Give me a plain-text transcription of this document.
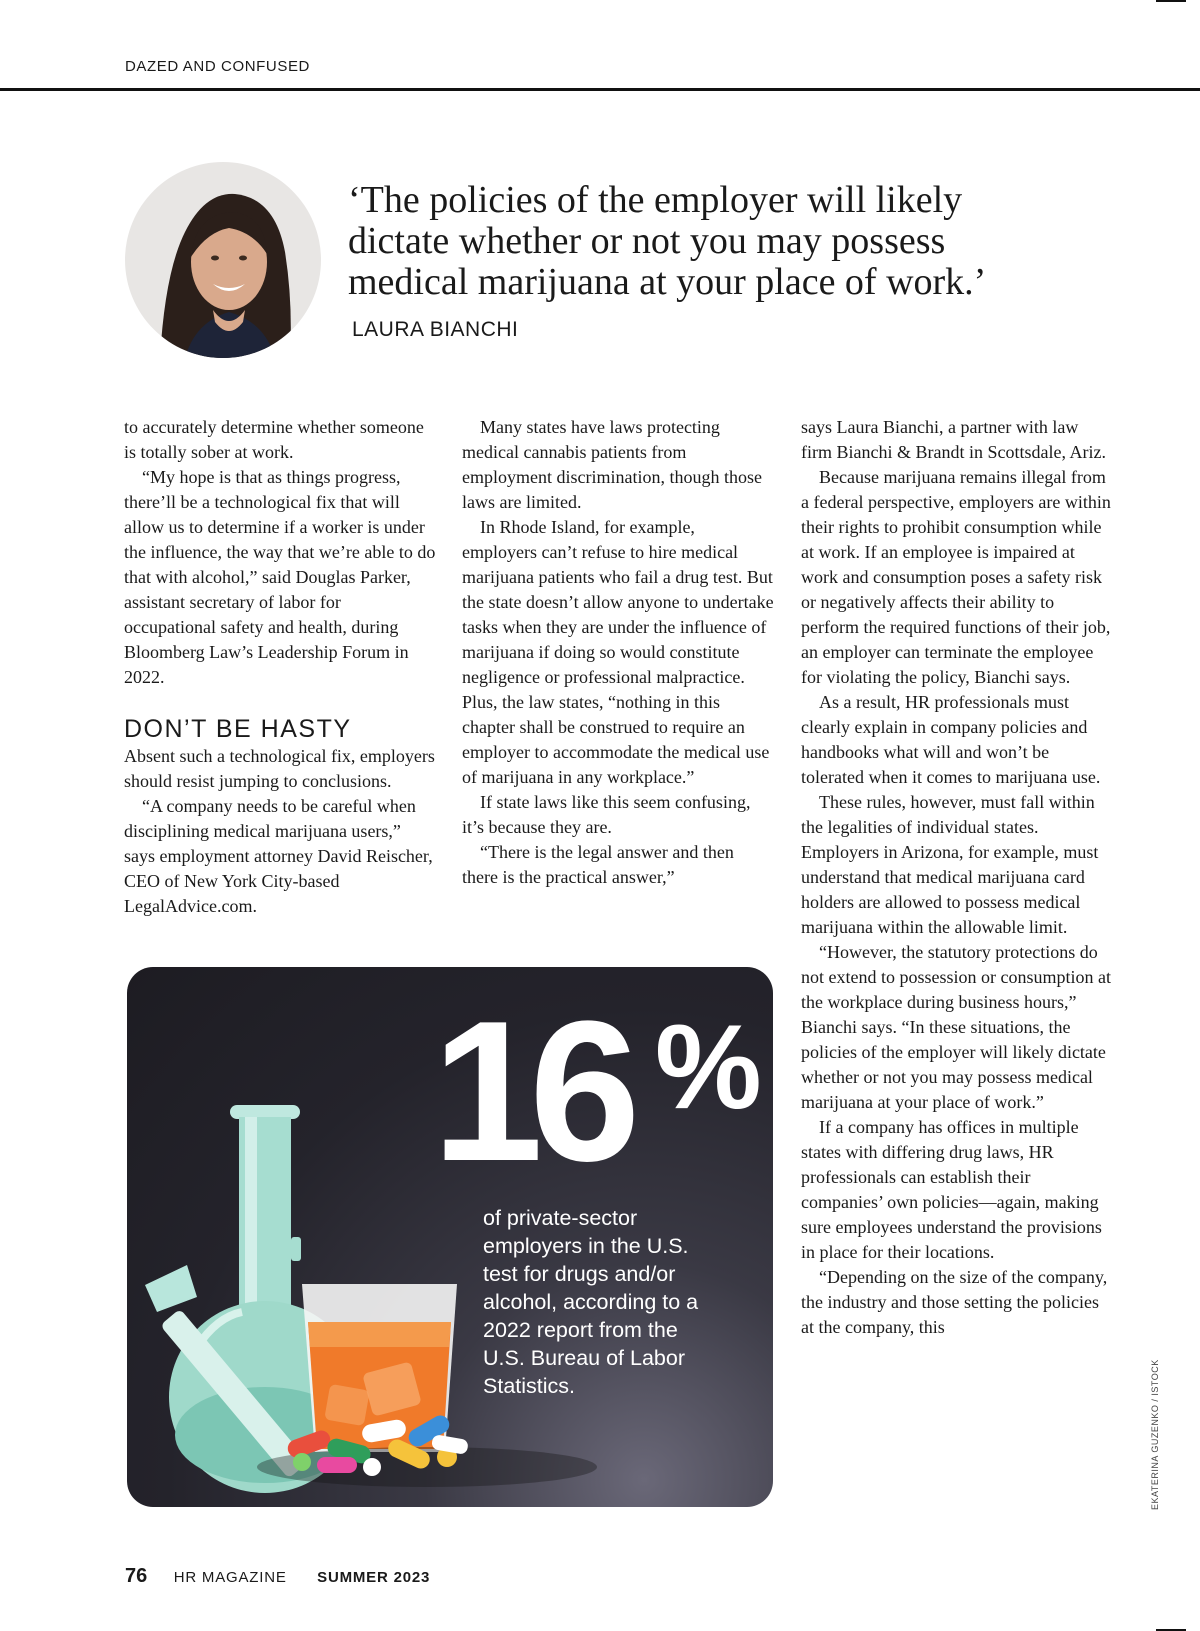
DAZED AND CONFUSED
‘The policies of the employer will likely dictate whether or not you may possess medical marijuana at your place of work.’
LAURA BIANCHI

to accurately determine whether someone is totally sober at work.

“My hope is that as things progress, there’ll be a technological fix that will allow us to determine if a worker is under the influence, the way that we’re able to do that with alcohol,” said Douglas Parker, assistant secretary of labor for occupational safety and health, during Bloomberg Law’s Leadership Forum in 2022.

DON’T BE HASTY

Absent such a technological fix, employers should resist jumping to conclusions.

“A company needs to be careful when disciplining medical marijuana users,” says employment attorney David Reischer, CEO of New York City-based LegalAdvice.com.

Many states have laws protecting medical cannabis patients from employment discrimination, though those laws are limited.

In Rhode Island, for example, employers can’t refuse to hire medical marijuana patients who fail a drug test. But the state doesn’t allow anyone to undertake tasks when they are under the influence of marijuana if doing so would constitute negligence or professional malpractice. Plus, the law states, “nothing in this chapter shall be construed to require an employer to accommodate the medical use of marijuana in any workplace.”

If state laws like this seem confusing, it’s because they are.

“There is the legal answer and then there is the practical answer,”

says Laura Bianchi, a partner with law firm Bianchi & Brandt in Scottsdale, Ariz.

Because marijuana remains illegal from a federal perspective, employers are within their rights to prohibit consumption while at work. If an employee is impaired at work and consumption poses a safety risk or negatively affects their ability to perform the required functions of their job, an employer can terminate the employee for violating the policy, Bianchi says.

As a result, HR professionals must clearly explain in company policies and handbooks what will and won’t be tolerated when it comes to marijuana use.

These rules, however, must fall within the legalities of individual states. Employers in Arizona, for example, must understand that medical marijuana card holders are allowed to possess medical marijuana within the allowable limit.

“However, the statutory protections do not extend to possession or consumption at the workplace during business hours,” Bianchi says. “In these situations, the policies of the employer will likely dictate whether or not you may possess medical marijuana at your place of work.”

If a company has offices in multiple states with differing drug laws, HR professionals can establish their companies’ own policies—again, making sure employees understand the provisions in place for their locations.

“Depending on the size of the company, the industry and those setting the policies at the company, this

16 %
of private-sector employers in the U.S. test for drugs and/or alcohol, according to a 2022 report from the U.S. Bureau of Labor Statistics.	EKATERINA GUZENKO / ISTOCK
76 HR MAGAZINE SUMMER 2023
